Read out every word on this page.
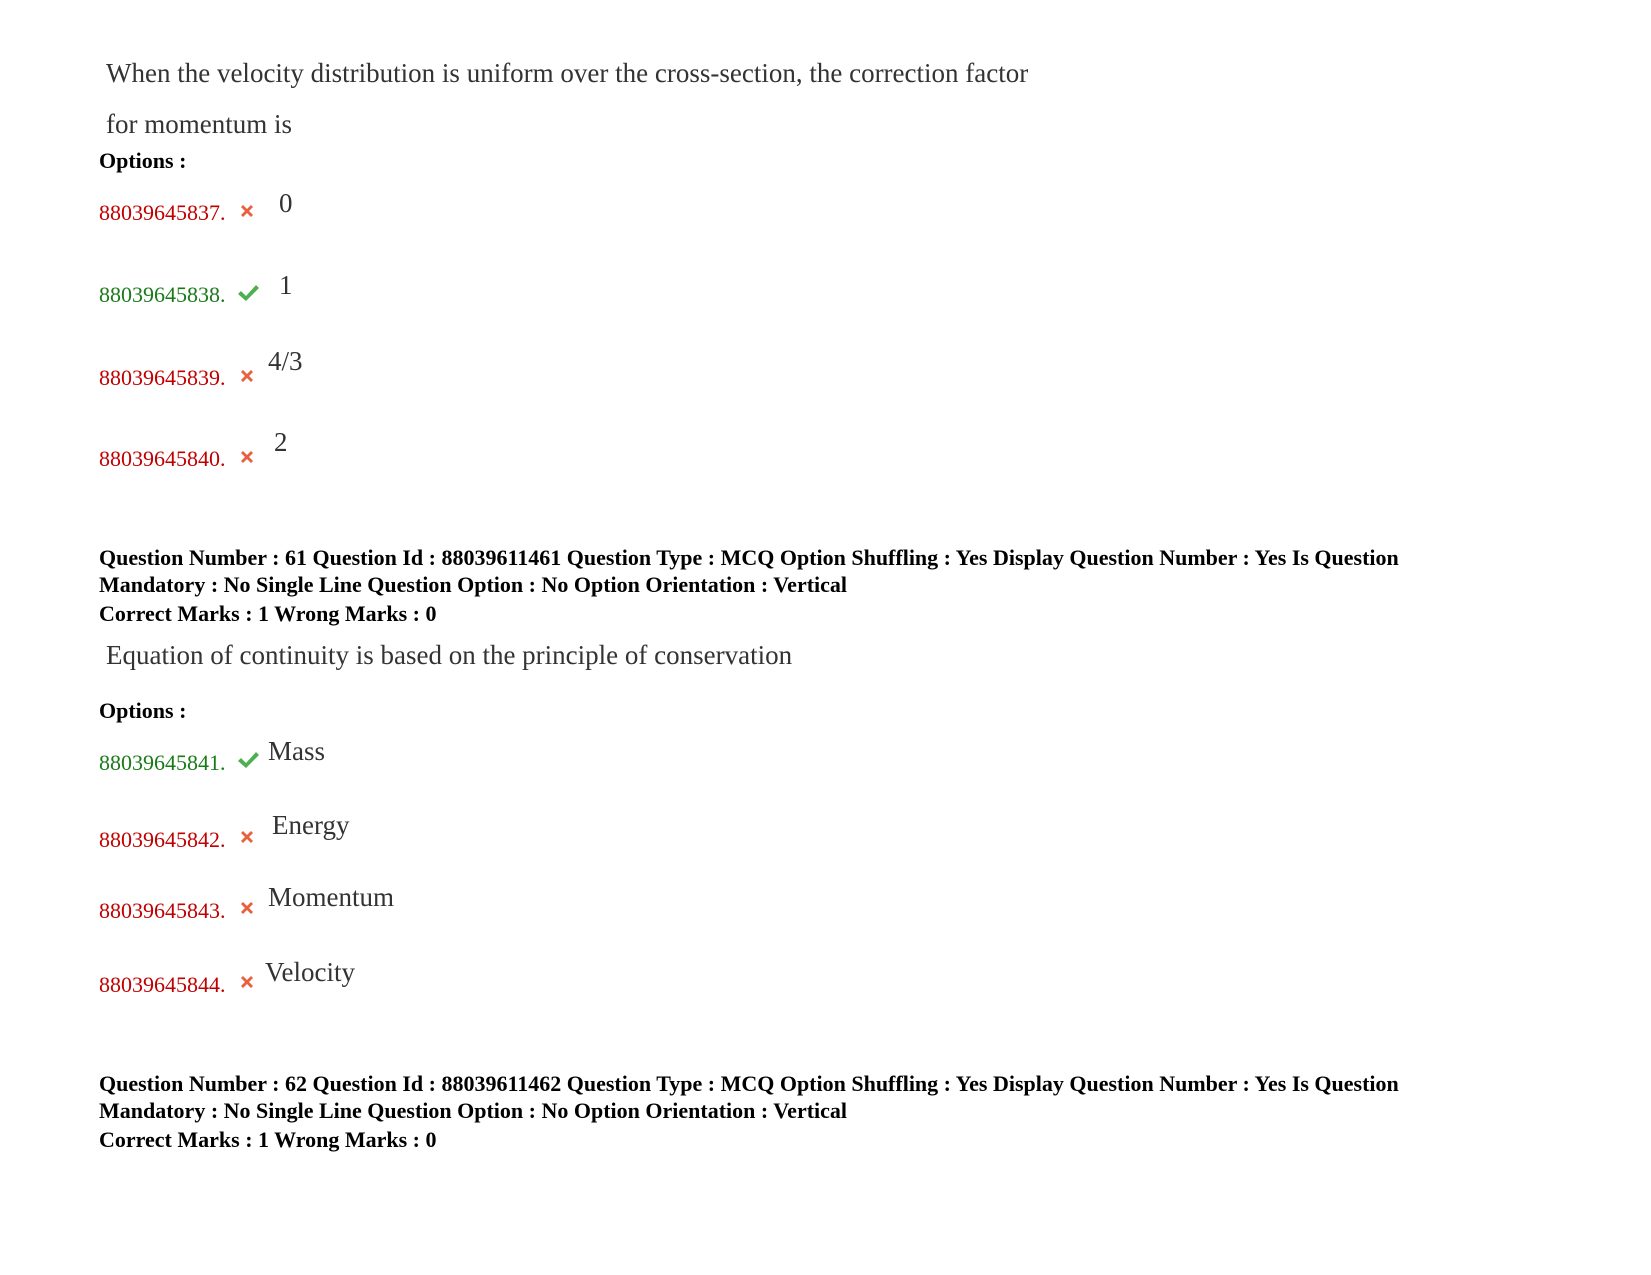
When the velocity distribution is uniform over the cross-section, the correction factor
for momentum is
Options :
88039645837. 0
88039645838. 1
88039645839.
4/3
88039645840.
2
Question Number : 61 Question Id : 88039611461 Question Type : MCQ Option Shuffling : Yes Display Question Number : Yes Is Question
Mandatory : No Single Line Question Option : No Option Orientation : Vertical
Correct Marks : 1 Wrong Marks : 0
Equation of continuity is based on the principle of conservation
Options :
88039645841. Mass
88039645842. Energy
88039645843. Momentum
88039645844. Velocity
Question Number : 62 Question Id : 88039611462 Question Type : MCQ Option Shuffling : Yes Display Question Number : Yes Is Question
Mandatory : No Single Line Question Option : No Option Orientation : Vertical
Correct Marks : 1 Wrong Marks : 0
